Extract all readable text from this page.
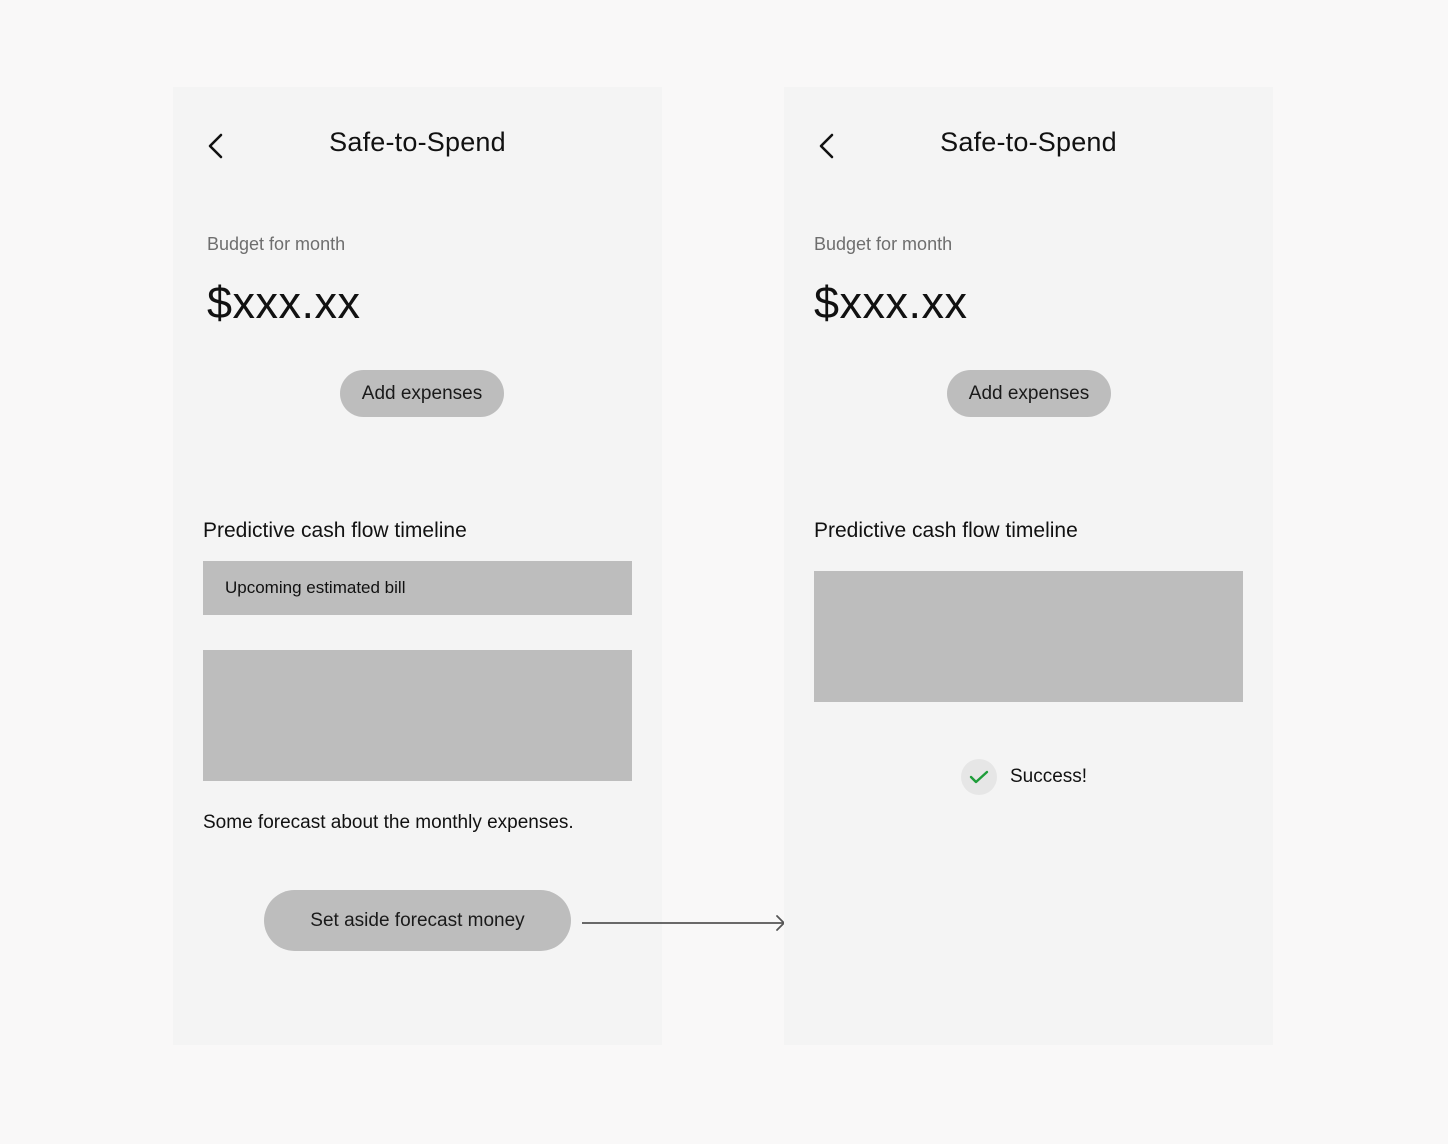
Safe-to-Spend
Budget for month
$xxx.xx
Add expenses
Predictive cash flow timeline
Upcoming estimated bill
Some forecast about the monthly expenses.
Set aside forecast money
Safe-to-Spend
Budget for month
$xxx.xx
Add expenses
Predictive cash flow timeline
Success!
